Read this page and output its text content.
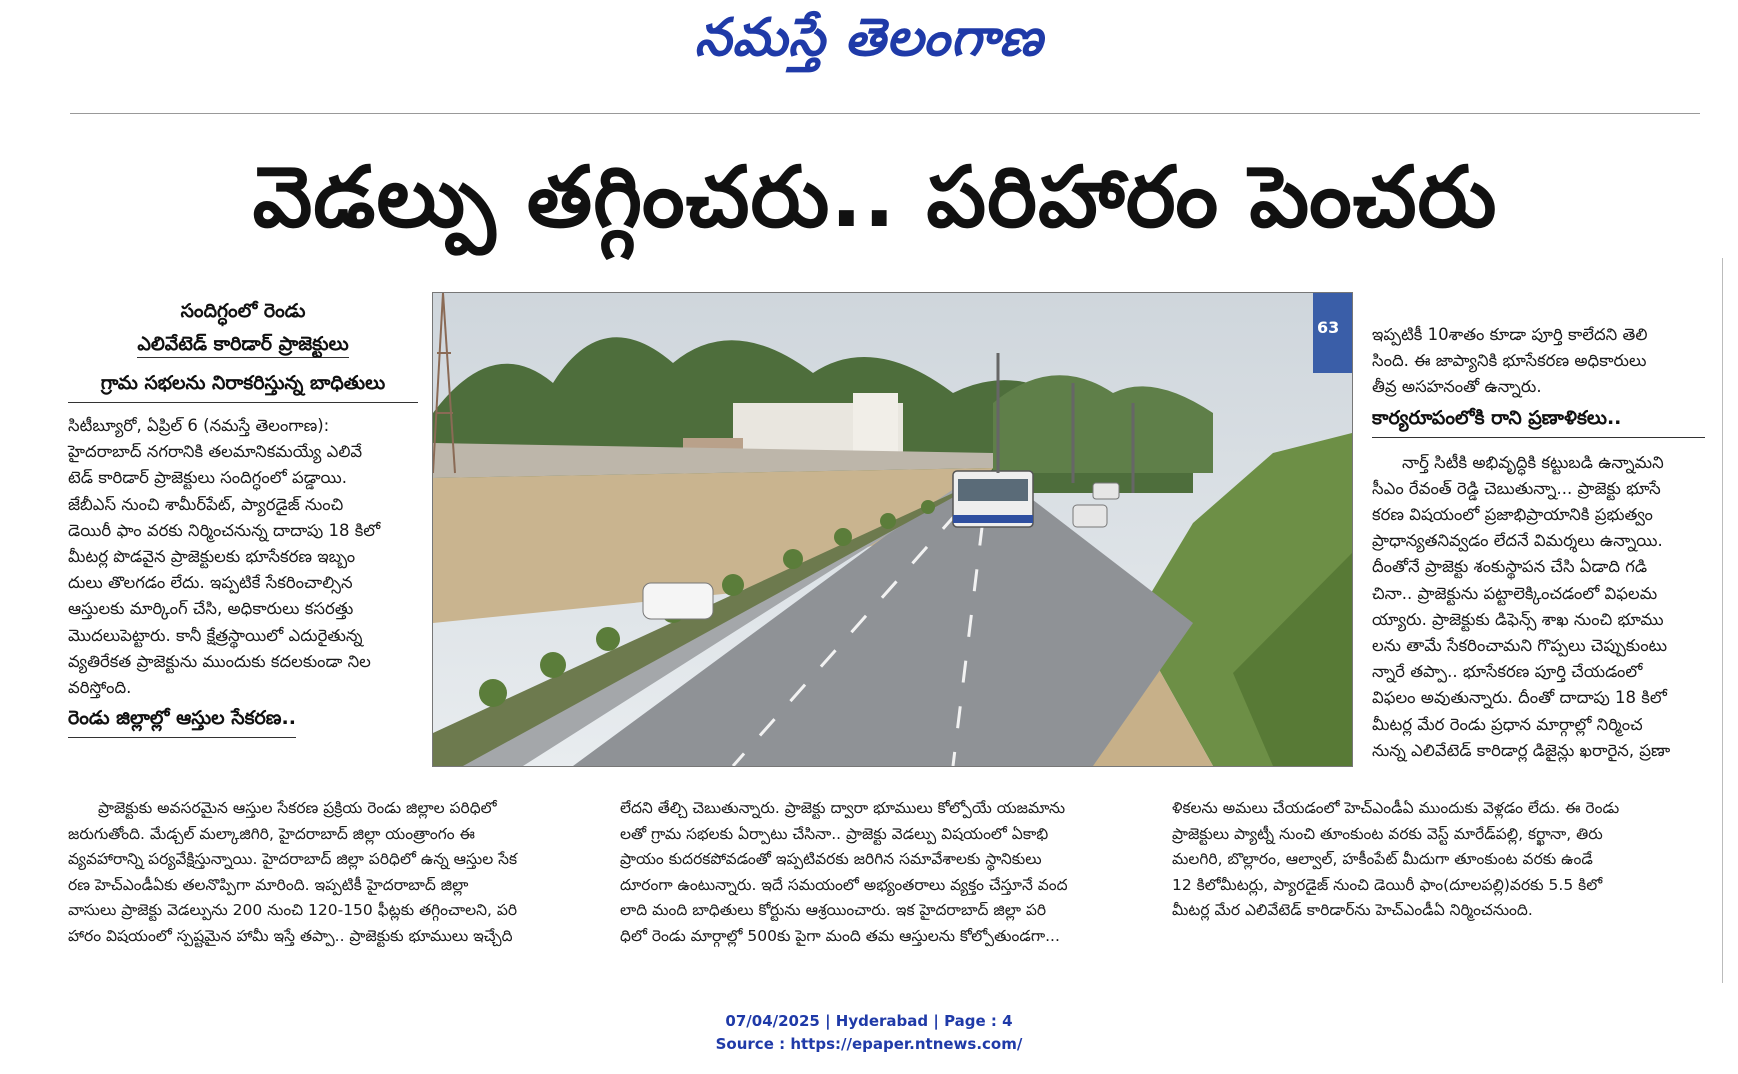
నమస్తే తెలంగాణ
వెడల్పు తగ్గించరు.. పరిహారం పెంచరు
సందిగ్ధంలో రెండు
ఎలివేటెడ్ కారిడార్ ప్రాజెక్టులు
గ్రామ సభలను నిరాకరిస్తున్న బాధితులు
సిటీబ్యూరో, ఏప్రిల్ 6 (నమస్తే తెలంగాణ):
హైదరాబాద్ నగరానికి తలమానికమయ్యే ఎలివే
టెడ్ కారిడార్ ప్రాజెక్టులు సందిగ్ధంలో పడ్డాయి.
జేబీఎస్ నుంచి శామీర్‌పేట్, ప్యారడైజ్ నుంచి
డెయిరీ ఫాం వరకు నిర్మించనున్న దాదాపు 18 కిలో
మీటర్ల పొడవైన ప్రాజెక్టులకు భూసేకరణ ఇబ్బం
దులు తొలగడం లేదు. ఇప్పటికే సేకరించాల్సిన
ఆస్తులకు మార్కింగ్ చేసి, అధికారులు కసరత్తు
మొదలుపెట్టారు. కానీ క్షేత్రస్థాయిలో ఎదురైతున్న
వ్యతిరేకత ప్రాజెక్టును ముందుకు కదలకుండా నిల
వరిస్తోంది.
రెండు జిల్లాల్లో ఆస్తుల సేకరణ..
63 ఇప్పటికీ 10శాతం కూడా పూర్తి కాలేదని తెలి
సింది. ఈ జాప్యానికి భూసేకరణ అధికారులు
తీవ్ర అసహనంతో ఉన్నారు.
కార్యరూపంలోకి రాని ప్రణాళికలు..
నార్త్ సిటీకి అభివృద్ధికి కట్టుబడి ఉన్నామని
సీఎం రేవంత్ రెడ్డి చెబుతున్నా... ప్రాజెక్టు భూసే
కరణ విషయంలో ప్రజాభిప్రాయానికి ప్రభుత్వం
ప్రాధాన్యతనివ్వడం లేదనే విమర్శలు ఉన్నాయి.
దీంతోనే ప్రాజెక్టు శంకుస్థాపన చేసి ఏడాది గడి
చినా.. ప్రాజెక్టును పట్టాలెక్కించడంలో విఫలమ
య్యారు. ప్రాజెక్టుకు డిఫెన్స్ శాఖ నుంచి భూము
లను తామే సేకరించామని గొప్పలు చెప్పుకుంటు
న్నారే తప్పా.. భూసేకరణ పూర్తి చేయడంలో
విఫలం అవుతున్నారు. దీంతో దాదాపు 18 కిలో
మీటర్ల మేర రెండు ప్రధాన మార్గాల్లో నిర్మించ
నున్న ఎలివేటెడ్ కారిడార్ల డిజైన్లు ఖరారైన, ప్రణా
ప్రాజెక్టుకు అవసరమైన ఆస్తుల సేకరణ ప్రక్రియ రెండు జిల్లాల పరిధిలో
జరుగుతోంది. మేడ్చల్ మల్కాజిగిరి, హైదరాబాద్ జిల్లా యంత్రాంగం ఈ
వ్యవహారాన్ని పర్యవేక్షిస్తున్నాయి. హైదరాబాద్ జిల్లా పరిధిలో ఉన్న ఆస్తుల సేక
రణ హెచ్‌ఎండీఏకు తలనొప్పిగా మారింది. ఇప్పటికీ హైదరాబాద్ జిల్లా
వాసులు ప్రాజెక్టు వెడల్పును 200 నుంచి 120-150 ఫీట్లకు తగ్గించాలని, పరి
హారం విషయంలో స్పష్టమైన హామీ ఇస్తే తప్పా.. ప్రాజెక్టుకు భూములు ఇచ్చేది
లేదని తేల్చి చెబుతున్నారు. ప్రాజెక్టు ద్వారా భూములు కోల్పోయే యజమాను
లతో గ్రామ సభలకు ఏర్పాటు చేసినా.. ప్రాజెక్టు వెడల్పు విషయంలో ఏకాభి
ప్రాయం కుదరకపోవడంతో ఇప్పటివరకు జరిగిన సమావేశాలకు స్థానికులు
దూరంగా ఉంటున్నారు. ఇదే సమయంలో అభ్యంతరాలు వ్యక్తం చేస్తూనే వంద
లాది మంది బాధితులు కోర్టును ఆశ్రయించారు. ఇక హైదరాబాద్ జిల్లా పరి
ధిలో రెండు మార్గాల్లో 500కు పైగా మంది తమ ఆస్తులను కోల్పోతుండగా...
ళికలను అమలు చేయడంలో హెచ్‌ఎండీఏ ముందుకు వెళ్లడం లేదు. ఈ రెండు
ప్రాజెక్టులు ప్యాట్నీ నుంచి తూంకుంట వరకు వెస్ట్ మారేడ్‌పల్లి, కర్ఖానా, తిరు
మలగిరి, బొల్లారం, ఆల్వాల్, హకీంపేట్ మీదుగా తూంకుంట వరకు ఉండే
12 కిలోమీటర్లు, ప్యారడైజ్ నుంచి డెయిరీ ఫాం(దూలపల్లి)వరకు 5.5 కిలో
మీటర్ల మేర ఎలివేటెడ్ కారిడార్‌ను హెచ్‌ఎండీఏ నిర్మించనుంది.
07/04/2025 | Hyderabad | Page : 4
Source : https://epaper.ntnews.com/
